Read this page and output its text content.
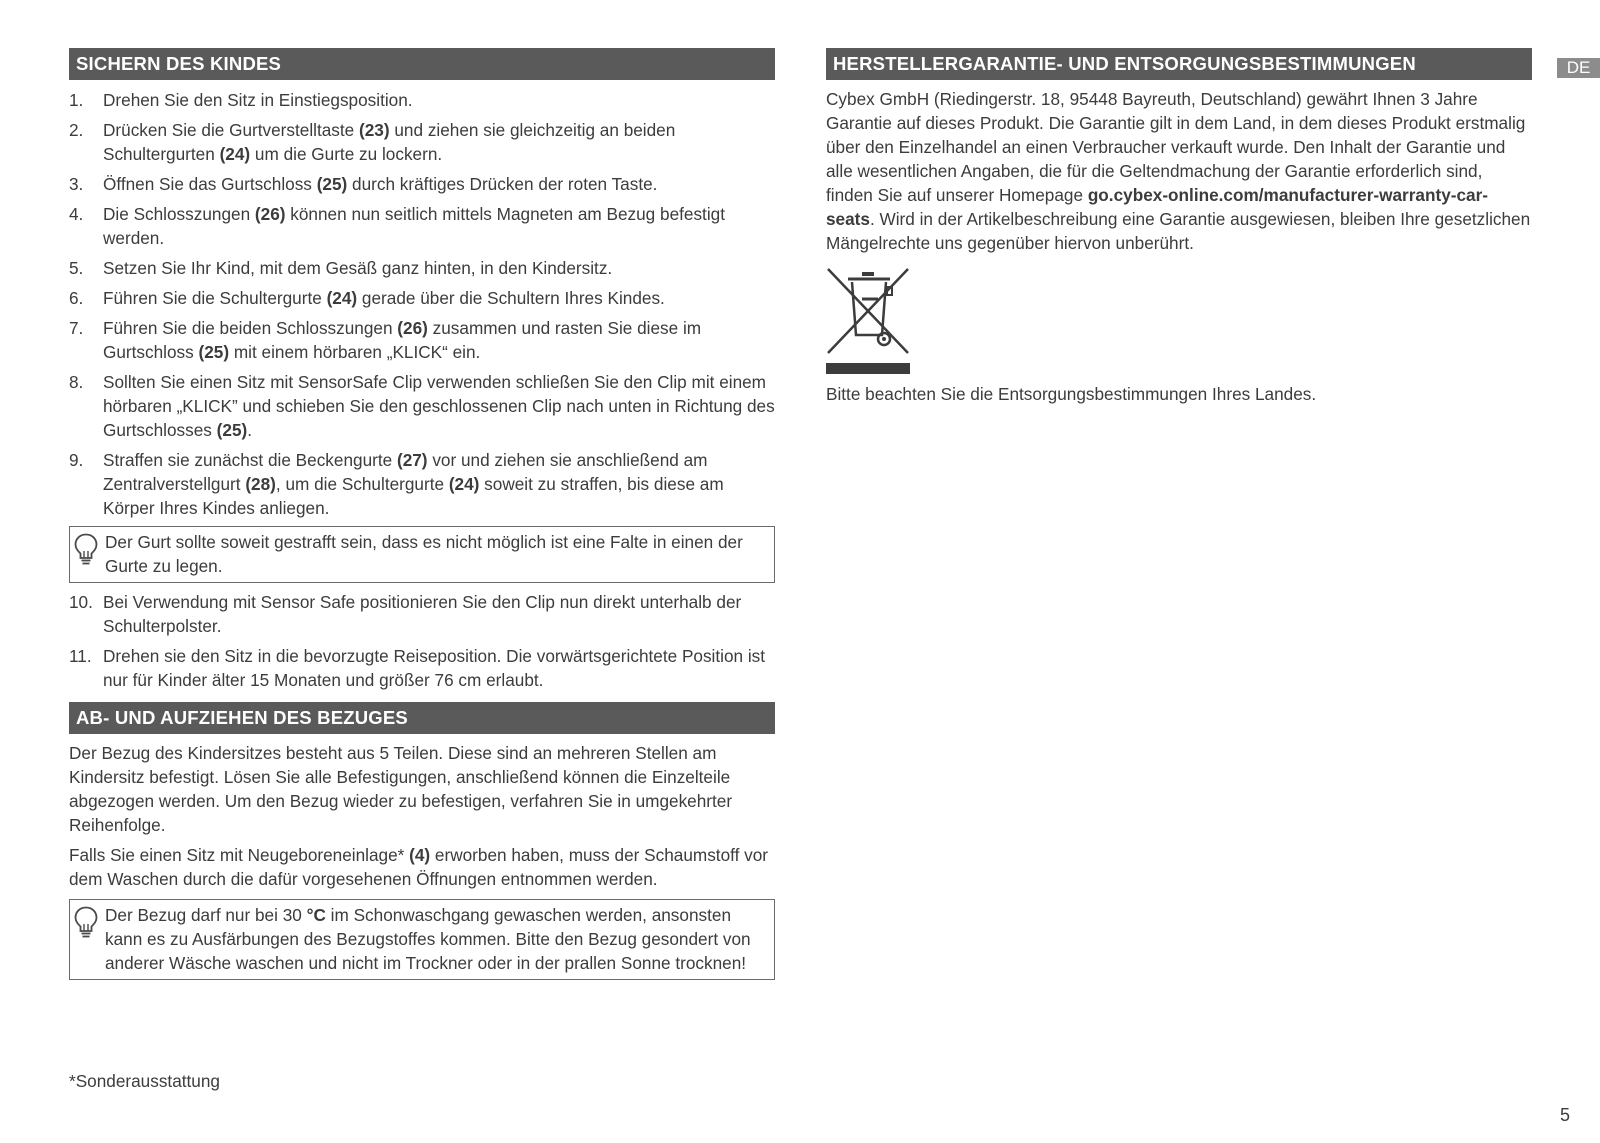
DE
SICHERN DES KINDES
1. Drehen Sie den Sitz in Einstiegsposition.
2. Drücken Sie die Gurtverstelltaste (23) und ziehen sie gleichzeitig an beiden Schultergurten (24) um die Gurte zu lockern.
3. Öffnen Sie das Gurtschloss (25) durch kräftiges Drücken der roten Taste.
4. Die Schlosszungen (26) können nun seitlich mittels Magneten am Bezug befestigt werden.
5. Setzen Sie Ihr Kind, mit dem Gesäß ganz hinten, in den Kindersitz.
6. Führen Sie die Schultergurte (24) gerade über die Schultern Ihres Kindes.
7. Führen Sie die beiden Schlosszungen (26) zusammen und rasten Sie diese im Gurtschloss (25) mit einem hörbaren „KLICK“ ein.
8. Sollten Sie einen Sitz mit SensorSafe Clip verwenden schließen Sie den Clip mit einem hörbaren „KLICK” und schieben Sie den geschlossenen Clip nach unten in Richtung des Gurtschlosses (25).
9. Straffen sie zunächst die Beckengurte (27) vor und ziehen sie anschließend am Zentralverstellgurt (28), um die Schultergurte (24) soweit zu straffen, bis diese am Körper Ihres Kindes anliegen.
Der Gurt sollte soweit gestrafft sein, dass es nicht möglich ist eine Falte in einen der Gurte zu legen.
10. Bei Verwendung mit Sensor Safe positionieren Sie den Clip nun direkt unterhalb der Schulterpolster.
11. Drehen sie den Sitz in die bevorzugte Reiseposition. Die vorwärtsgerichtete Position ist nur für Kinder älter 15 Monaten und größer 76 cm erlaubt.
AB- UND AUFZIEHEN DES BEZUGES

Der Bezug des Kindersitzes besteht aus 5 Teilen. Diese sind an mehreren Stellen am Kindersitz befestigt. Lösen Sie alle Befestigungen, anschließend können die Einzelteile abgezogen werden. Um den Bezug wieder zu befestigen, verfahren Sie in umgekehrter Reihenfolge.

Falls Sie einen Sitz mit Neugeboreneinlage* (4) erworben haben, muss der Schaumstoff vor dem Waschen durch die dafür vorgesehenen Öffnungen entnommen werden.

Der Bezug darf nur bei 30 °C im Schonwaschgang gewaschen werden, ansonsten kann es zu Ausfärbungen des Bezugstoffes kommen. Bitte den Bezug gesondert von anderer Wäsche waschen und nicht im Trockner oder in der prallen Sonne trocknen!
*Sonderausstattung
HERSTELLERGARANTIE- UND ENTSORGUNGSBESTIMMUNGEN

Cybex GmbH (Riedingerstr. 18, 95448 Bayreuth, Deutschland) gewährt Ihnen 3 Jahre Garantie auf dieses Produkt. Die Garantie gilt in dem Land, in dem dieses Produkt erstmalig über den Einzelhandel an einen Verbraucher verkauft wurde. Den Inhalt der Garantie und alle wesentlichen Angaben, die für die Geltendmachung der Garantie erforderlich sind, finden Sie auf unserer Homepage go.cybex-online.com/manufacturer-warranty-car-seats. Wird in der Artikelbeschreibung eine Garantie ausgewiesen, bleiben Ihre gesetzlichen Mängelrechte uns gegenüber hiervon unberührt.

Bitte beachten Sie die Entsorgungsbestimmungen Ihres Landes.

5
